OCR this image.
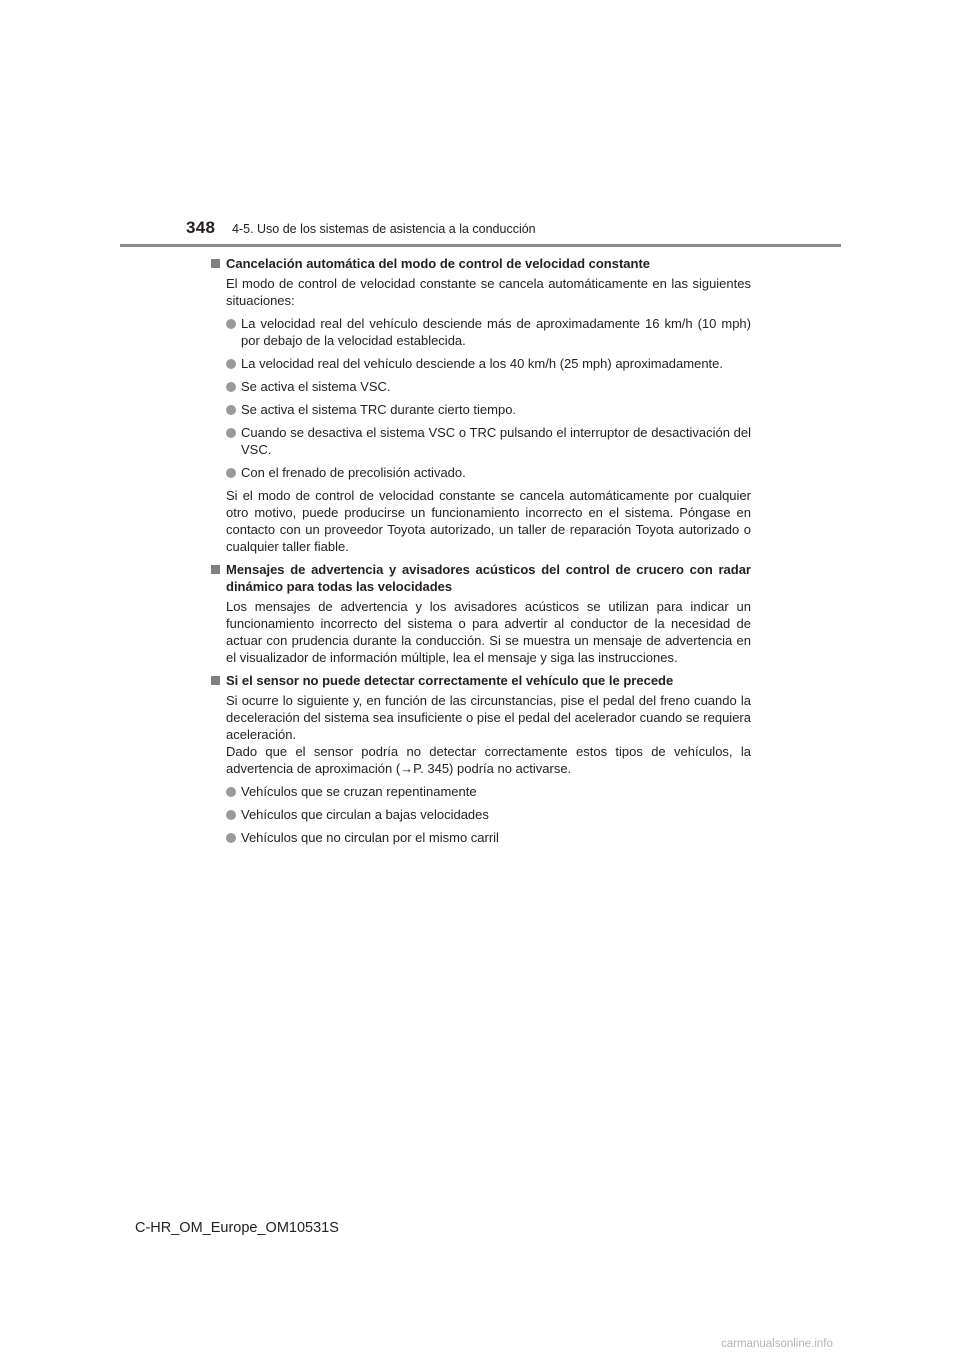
348 4-5. Uso de los sistemas de asistencia a la conducción
Cancelación automática del modo de control de velocidad constante
El modo de control de velocidad constante se cancela automáticamente en las siguientes situaciones:
La velocidad real del vehículo desciende más de aproximadamente 16 km/h (10 mph) por debajo de la velocidad establecida.
La velocidad real del vehículo desciende a los 40 km/h (25 mph) aproximadamente.
Se activa el sistema VSC.
Se activa el sistema TRC durante cierto tiempo.
Cuando se desactiva el sistema VSC o TRC pulsando el interruptor de desactivación del VSC.
Con el frenado de precolisión activado.
Si el modo de control de velocidad constante se cancela automáticamente por cualquier otro motivo, puede producirse un funcionamiento incorrecto en el sistema. Póngase en contacto con un proveedor Toyota autorizado, un taller de reparación Toyota autorizado o cualquier taller fiable.
Mensajes de advertencia y avisadores acústicos del control de crucero con radar dinámico para todas las velocidades
Los mensajes de advertencia y los avisadores acústicos se utilizan para indicar un funcionamiento incorrecto del sistema o para advertir al conductor de la necesidad de actuar con prudencia durante la conducción. Si se muestra un mensaje de advertencia en el visualizador de información múltiple, lea el mensaje y siga las instrucciones.
Si el sensor no puede detectar correctamente el vehículo que le precede
Si ocurre lo siguiente y, en función de las circunstancias, pise el pedal del freno cuando la deceleración del sistema sea insuficiente o pise el pedal del acelerador cuando se requiera aceleración.
Dado que el sensor podría no detectar correctamente estos tipos de vehículos, la advertencia de aproximación (→P. 345) podría no activarse.
Vehículos que se cruzan repentinamente
Vehículos que circulan a bajas velocidades
Vehículos que no circulan por el mismo carril
C-HR_OM_Europe_OM10531S
carmanualsonline.info
